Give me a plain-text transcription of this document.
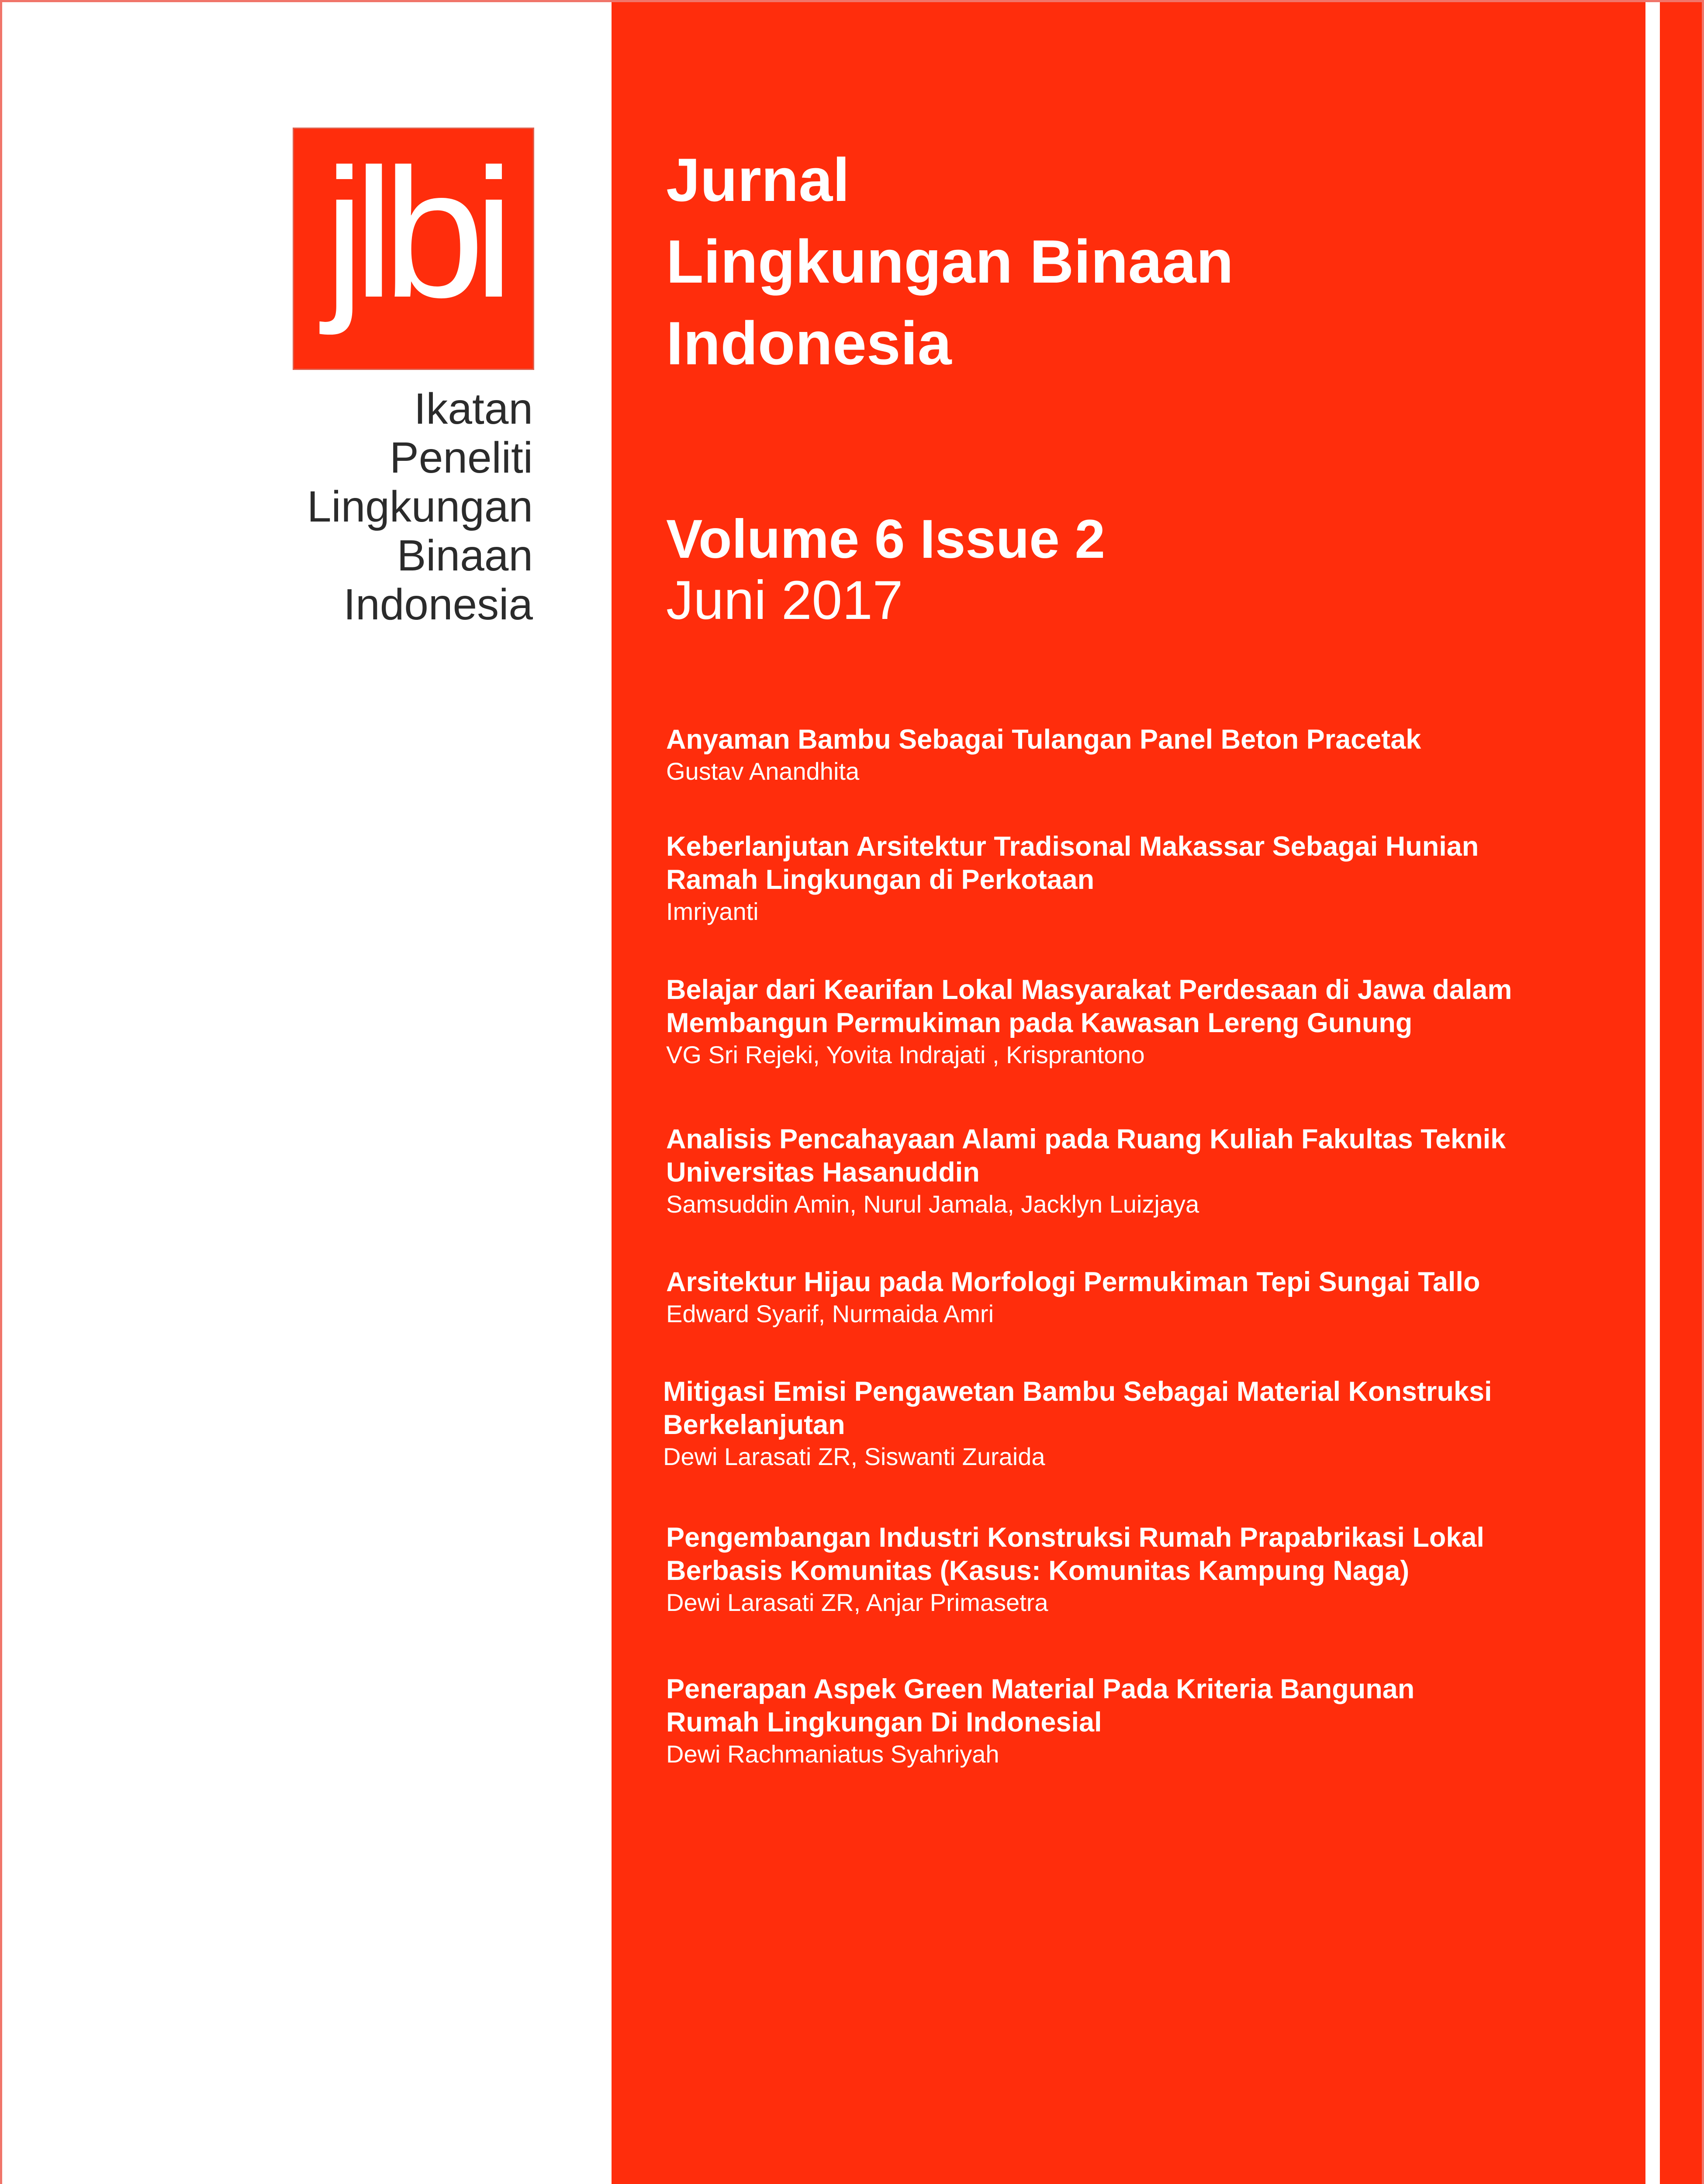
jlbi
Ikatan
Peneliti
Lingkungan
Binaan
Indonesia
Jurnal
Lingkungan Binaan
Indonesia
Volume 6 Issue 2
Juni 2017
Anyaman Bambu Sebagai Tulangan Panel Beton Pracetak
Gustav Anandhita
Keberlanjutan Arsitektur Tradisonal Makassar Sebagai Hunian
Ramah Lingkungan di Perkotaan
Imriyanti
Belajar dari Kearifan Lokal Masyarakat Perdesaan di Jawa dalam
Membangun Permukiman pada Kawasan Lereng Gunung
VG Sri Rejeki, Yovita Indrajati , Krisprantono
Analisis Pencahayaan Alami pada Ruang Kuliah Fakultas Teknik
Universitas Hasanuddin
Samsuddin Amin, Nurul Jamala, Jacklyn Luizjaya
Arsitektur Hijau pada Morfologi Permukiman Tepi Sungai Tallo
Edward Syarif, Nurmaida Amri
Mitigasi Emisi Pengawetan Bambu Sebagai Material Konstruksi
Berkelanjutan
Dewi Larasati ZR, Siswanti Zuraida
Pengembangan Industri Konstruksi Rumah Prapabrikasi Lokal
Berbasis Komunitas (Kasus: Komunitas Kampung Naga)
Dewi Larasati ZR, Anjar Primasetra
Penerapan Aspek Green Material Pada Kriteria Bangunan
Rumah Lingkungan Di Indonesial
Dewi Rachmaniatus Syahriyah
